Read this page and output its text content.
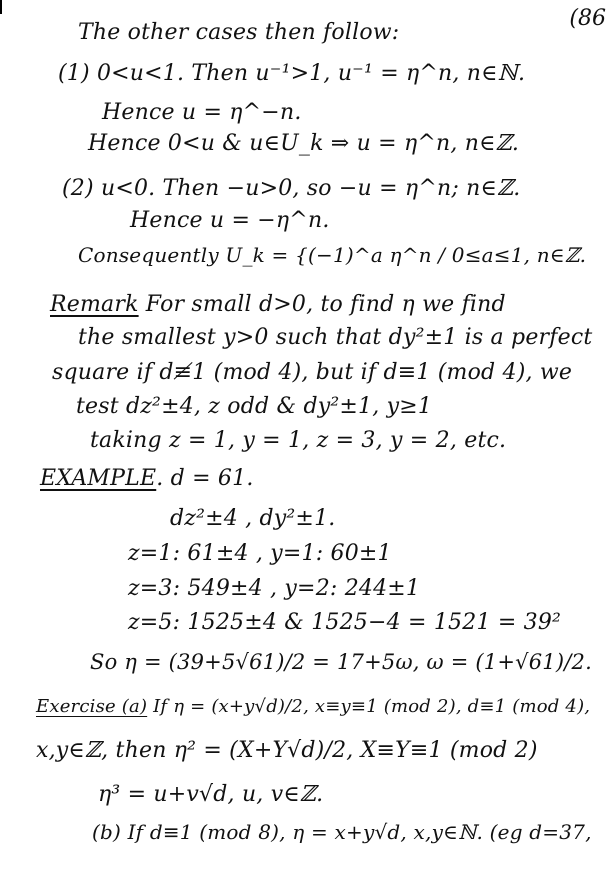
(86
The other cases then follow:
(1) 0<u<1. Then u⁻¹>1, u⁻¹ = η^n, n∈ℕ.
Hence u = η^−n.
Hence 0<u & u∈U_k ⇒ u = η^n, n∈ℤ.
(2) u<0. Then −u>0, so −u = η^n; n∈ℤ.
Hence u = −η^n.
Consequently U_k = {(−1)^a η^n / 0≤a≤1, n∈ℤ.
Remark For small d>0, to find η we find
the smallest y>0 such that dy²±1 is a perfect
square if d≢1 (mod 4), but if d≡1 (mod 4), we
test dz²±4, z odd & dy²±1, y≥1
taking z = 1, y = 1, z = 3, y = 2, etc.
EXAMPLE. d = 61.
dz²±4 , dy²±1.
z=1: 61±4 , y=1: 60±1
z=3: 549±4 , y=2: 244±1
z=5: 1525±4 & 1525−4 = 1521 = 39²
So η = (39+5√61)/2 = 17+5ω, ω = (1+√61)/2.
Exercise (a) If η = (x+y√d)/2, x≡y≡1 (mod 2), d≡1 (mod 4),
x,y∈ℤ, then η² = (X+Y√d)/2, X≡Y≡1 (mod 2)
η³ = u+v√d, u, v∈ℤ.
(b) If d≡1 (mod 8), η = x+y√d, x,y∈ℕ. (eg d=37,
